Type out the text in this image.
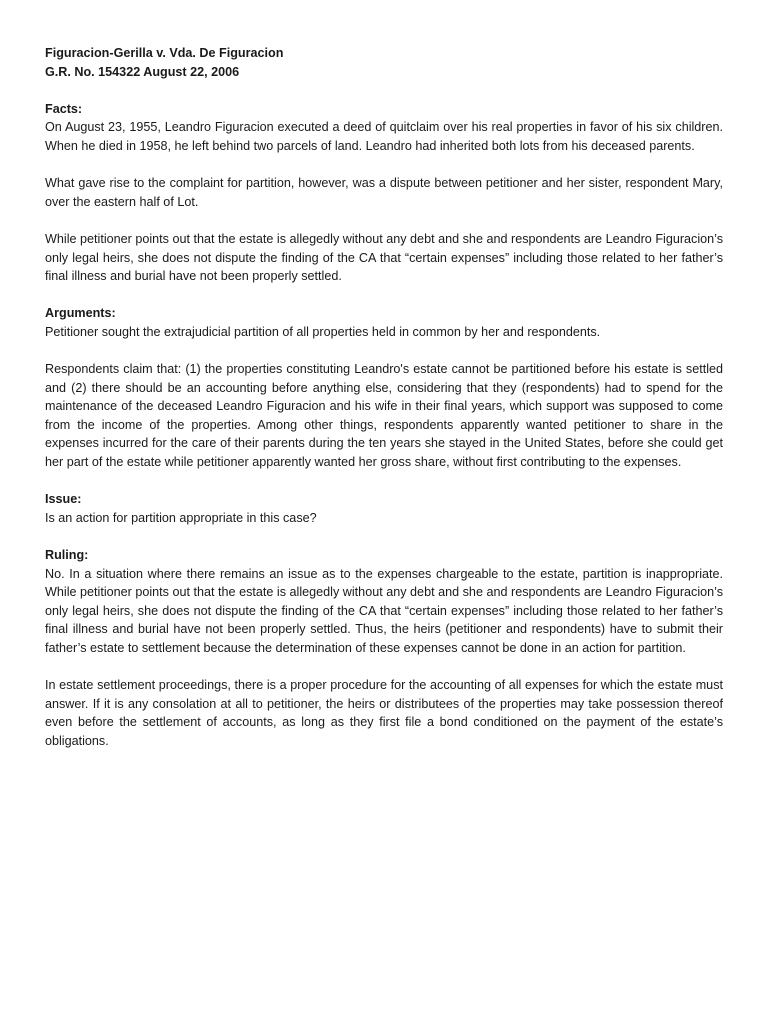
Figuracion-Gerilla v. Vda. De Figuracion

G.R. No. 154322 August 22, 2006

Facts:

On August 23, 1955, Leandro Figuracion executed a deed of quitclaim over his real properties in favor of his six children. When he died in 1958, he left behind two parcels of land. Leandro had inherited both lots from his deceased parents.

What gave rise to the complaint for partition, however, was a dispute between petitioner and her sister, respondent Mary, over the eastern half of Lot.

While petitioner points out that the estate is allegedly without any debt and she and respondents are Leandro Figuracion’s only legal heirs, she does not dispute the finding of the CA that “certain expenses” including those related to her father’s final illness and burial have not been properly settled.

Arguments:

Petitioner sought the extrajudicial partition of all properties held in common by her and respondents.

Respondents claim that: (1) the properties constituting Leandro's estate cannot be partitioned before his estate is settled and (2) there should be an accounting before anything else, considering that they (respondents) had to spend for the maintenance of the deceased Leandro Figuracion and his wife in their final years, which support was supposed to come from the income of the properties. Among other things, respondents apparently wanted petitioner to share in the expenses incurred for the care of their parents during the ten years she stayed in the United States, before she could get her part of the estate while petitioner apparently wanted her gross share, without first contributing to the expenses.

Issue:

Is an action for partition appropriate in this case?

Ruling:

No. In a situation where there remains an issue as to the expenses chargeable to the estate, partition is inappropriate. While petitioner points out that the estate is allegedly without any debt and she and respondents are Leandro Figuracion’s only legal heirs, she does not dispute the finding of the CA that “certain expenses” including those related to her father’s final illness and burial have not been properly settled. Thus, the heirs (petitioner and respondents) have to submit their father’s estate to settlement because the determination of these expenses cannot be done in an action for partition.

In estate settlement proceedings, there is a proper procedure for the accounting of all expenses for which the estate must answer. If it is any consolation at all to petitioner, the heirs or distributees of the properties may take possession thereof even before the settlement of accounts, as long as they first file a bond conditioned on the payment of the estate’s obligations.
